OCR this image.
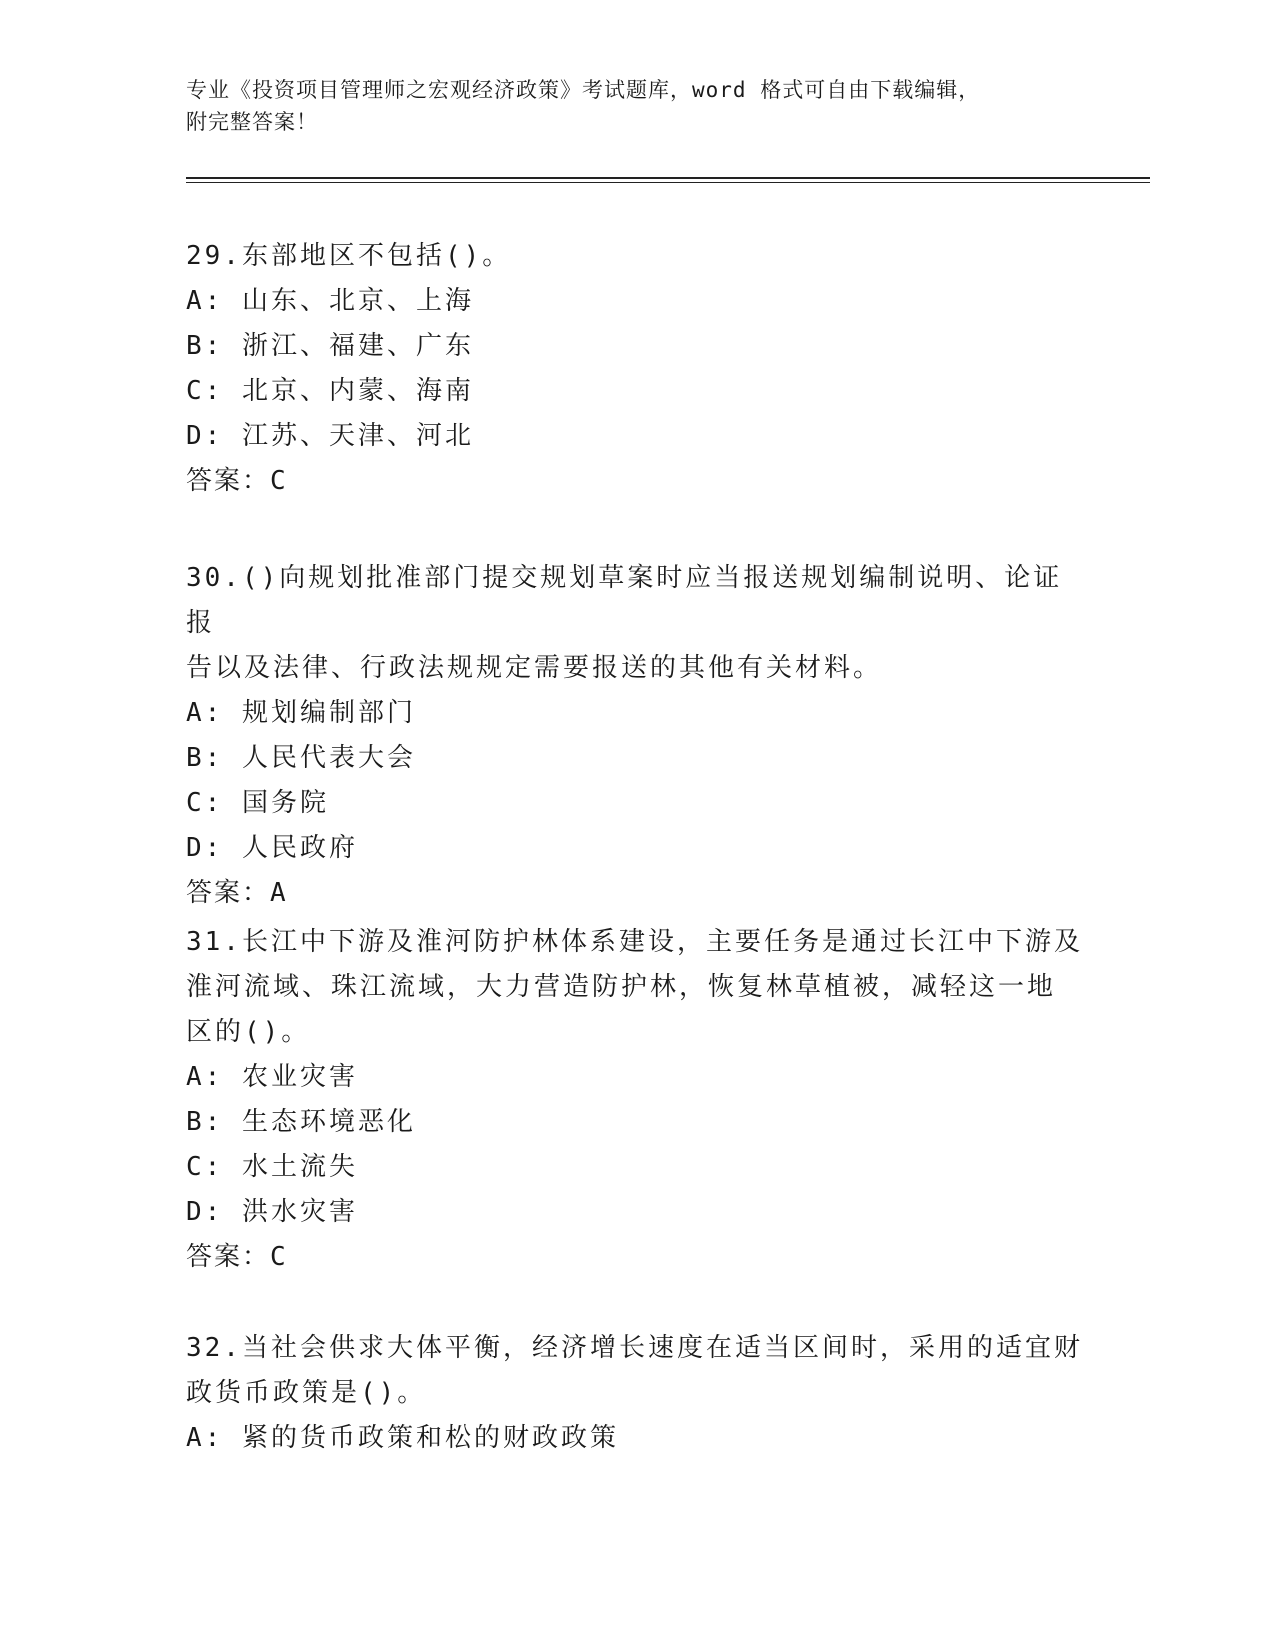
专业《投资项目管理师之宏观经济政策》考试题库，word 格式可自由下载编辑，
附完整答案！

29.东部地区不包括()。

A: 山东、北京、上海

B: 浙江、福建、广东

C: 北京、内蒙、海南

D: 江苏、天津、河北

答案：C

30.()向规划批准部门提交规划草案时应当报送规划编制说明、论证报

告以及法律、行政法规规定需要报送的其他有关材料。

A: 规划编制部门

B: 人民代表大会

C: 国务院

D: 人民政府

答案：A

31.长江中下游及淮河防护林体系建设，主要任务是通过长江中下游及

淮河流域、珠江流域，大力营造防护林，恢复林草植被，减轻这一地

区的()。

A: 农业灾害

B: 生态环境恶化

C: 水土流失

D: 洪水灾害

答案：C

32.当社会供求大体平衡，经济增长速度在适当区间时，采用的适宜财

政货币政策是()。

A: 紧的货币政策和松的财政政策
